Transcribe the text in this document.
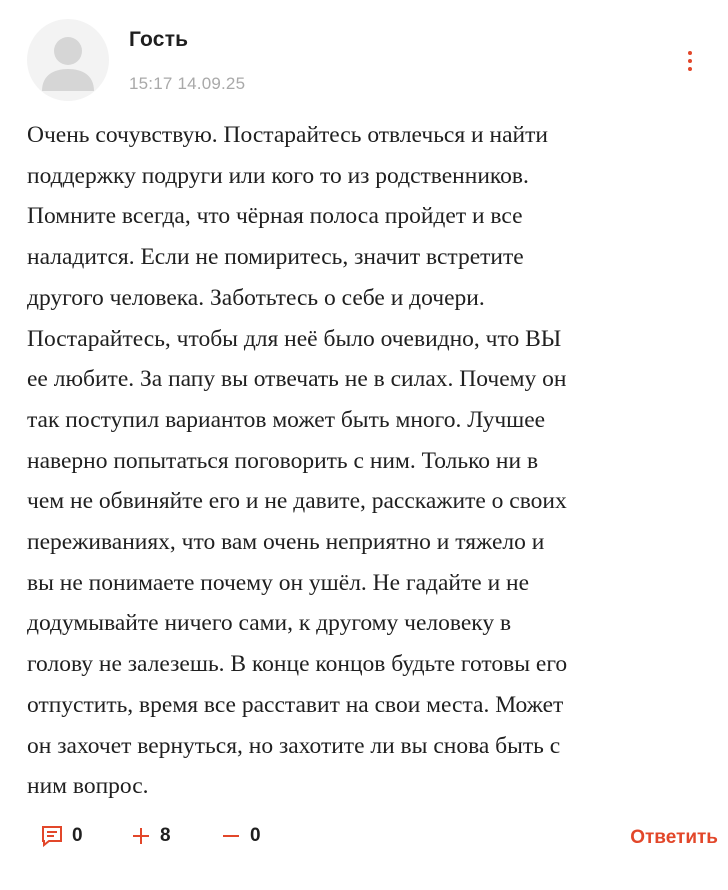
Гость
15:17 14.09.25
Очень сочувствую. Постарайтесь отвлечься и найти
поддержку подруги или кого то из родственников.
Помните всегда, что чёрная полоса пройдет и все
наладится. Если не помиритесь, значит встретите
другого человека. Заботьтесь о себе и дочери.
Постарайтесь, чтобы для неё было очевидно, что ВЫ
ее любите. За папу вы отвечать не в силах. Почему он
так поступил вариантов может быть много. Лучшее
наверно попытаться поговорить с ним. Только ни в
чем не обвиняйте его и не давите, расскажите о своих
переживаниях, что вам очень неприятно и тяжело и
вы не понимаете почему он ушёл. Не гадайте и не
додумывайте ничего сами, к другому человеку в
голову не залезешь. В конце концов будьте готовы его
отпустить, время все расставит на свои места. Может
он захочет вернуться, но захотите ли вы снова быть с
ним вопрос.
0	8	0	Ответить
